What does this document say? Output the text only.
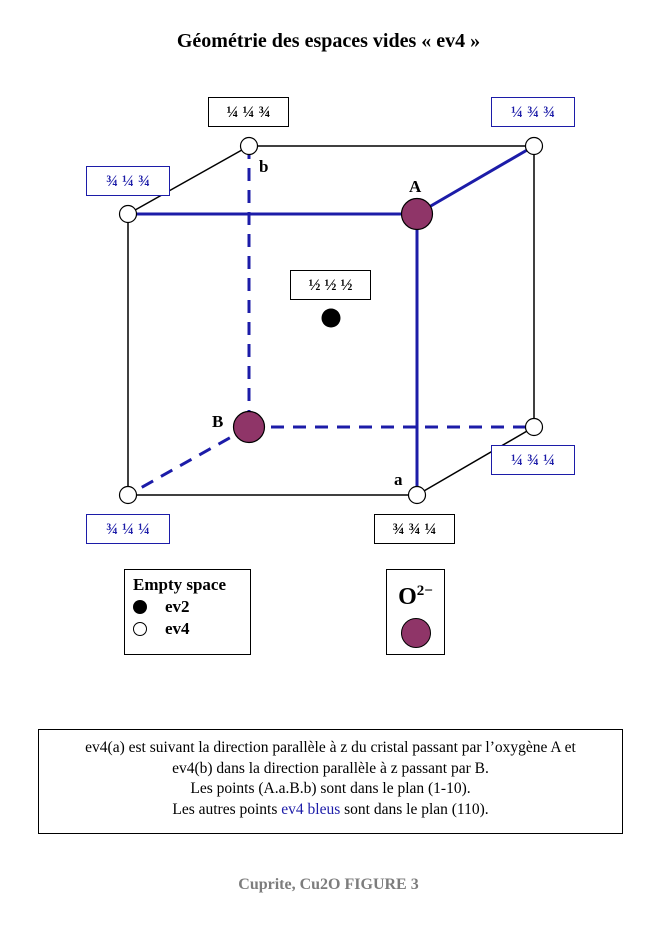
Géométrie des espaces vides « ev4 »
¼ ¼ ¾	¼ ¾ ¾
¾ ¼ ¾
½ ½ ½
¼ ¾ ¼
¾ ¼ ¼	¾ ¾ ¼
b
A
B
a
Empty space
ev2
ev4
$O^{2-}$
ev4(a) est suivant la direction parallèle à z du cristal passant par l’oxygène A et
ev4(b) dans la direction parallèle à z passant par B.
Les points (A.a.B.b) sont dans le plan (1-10).
Les autres points ev4 bleus sont dans le plan (110).
Cuprite, Cu2O FIGURE 3
